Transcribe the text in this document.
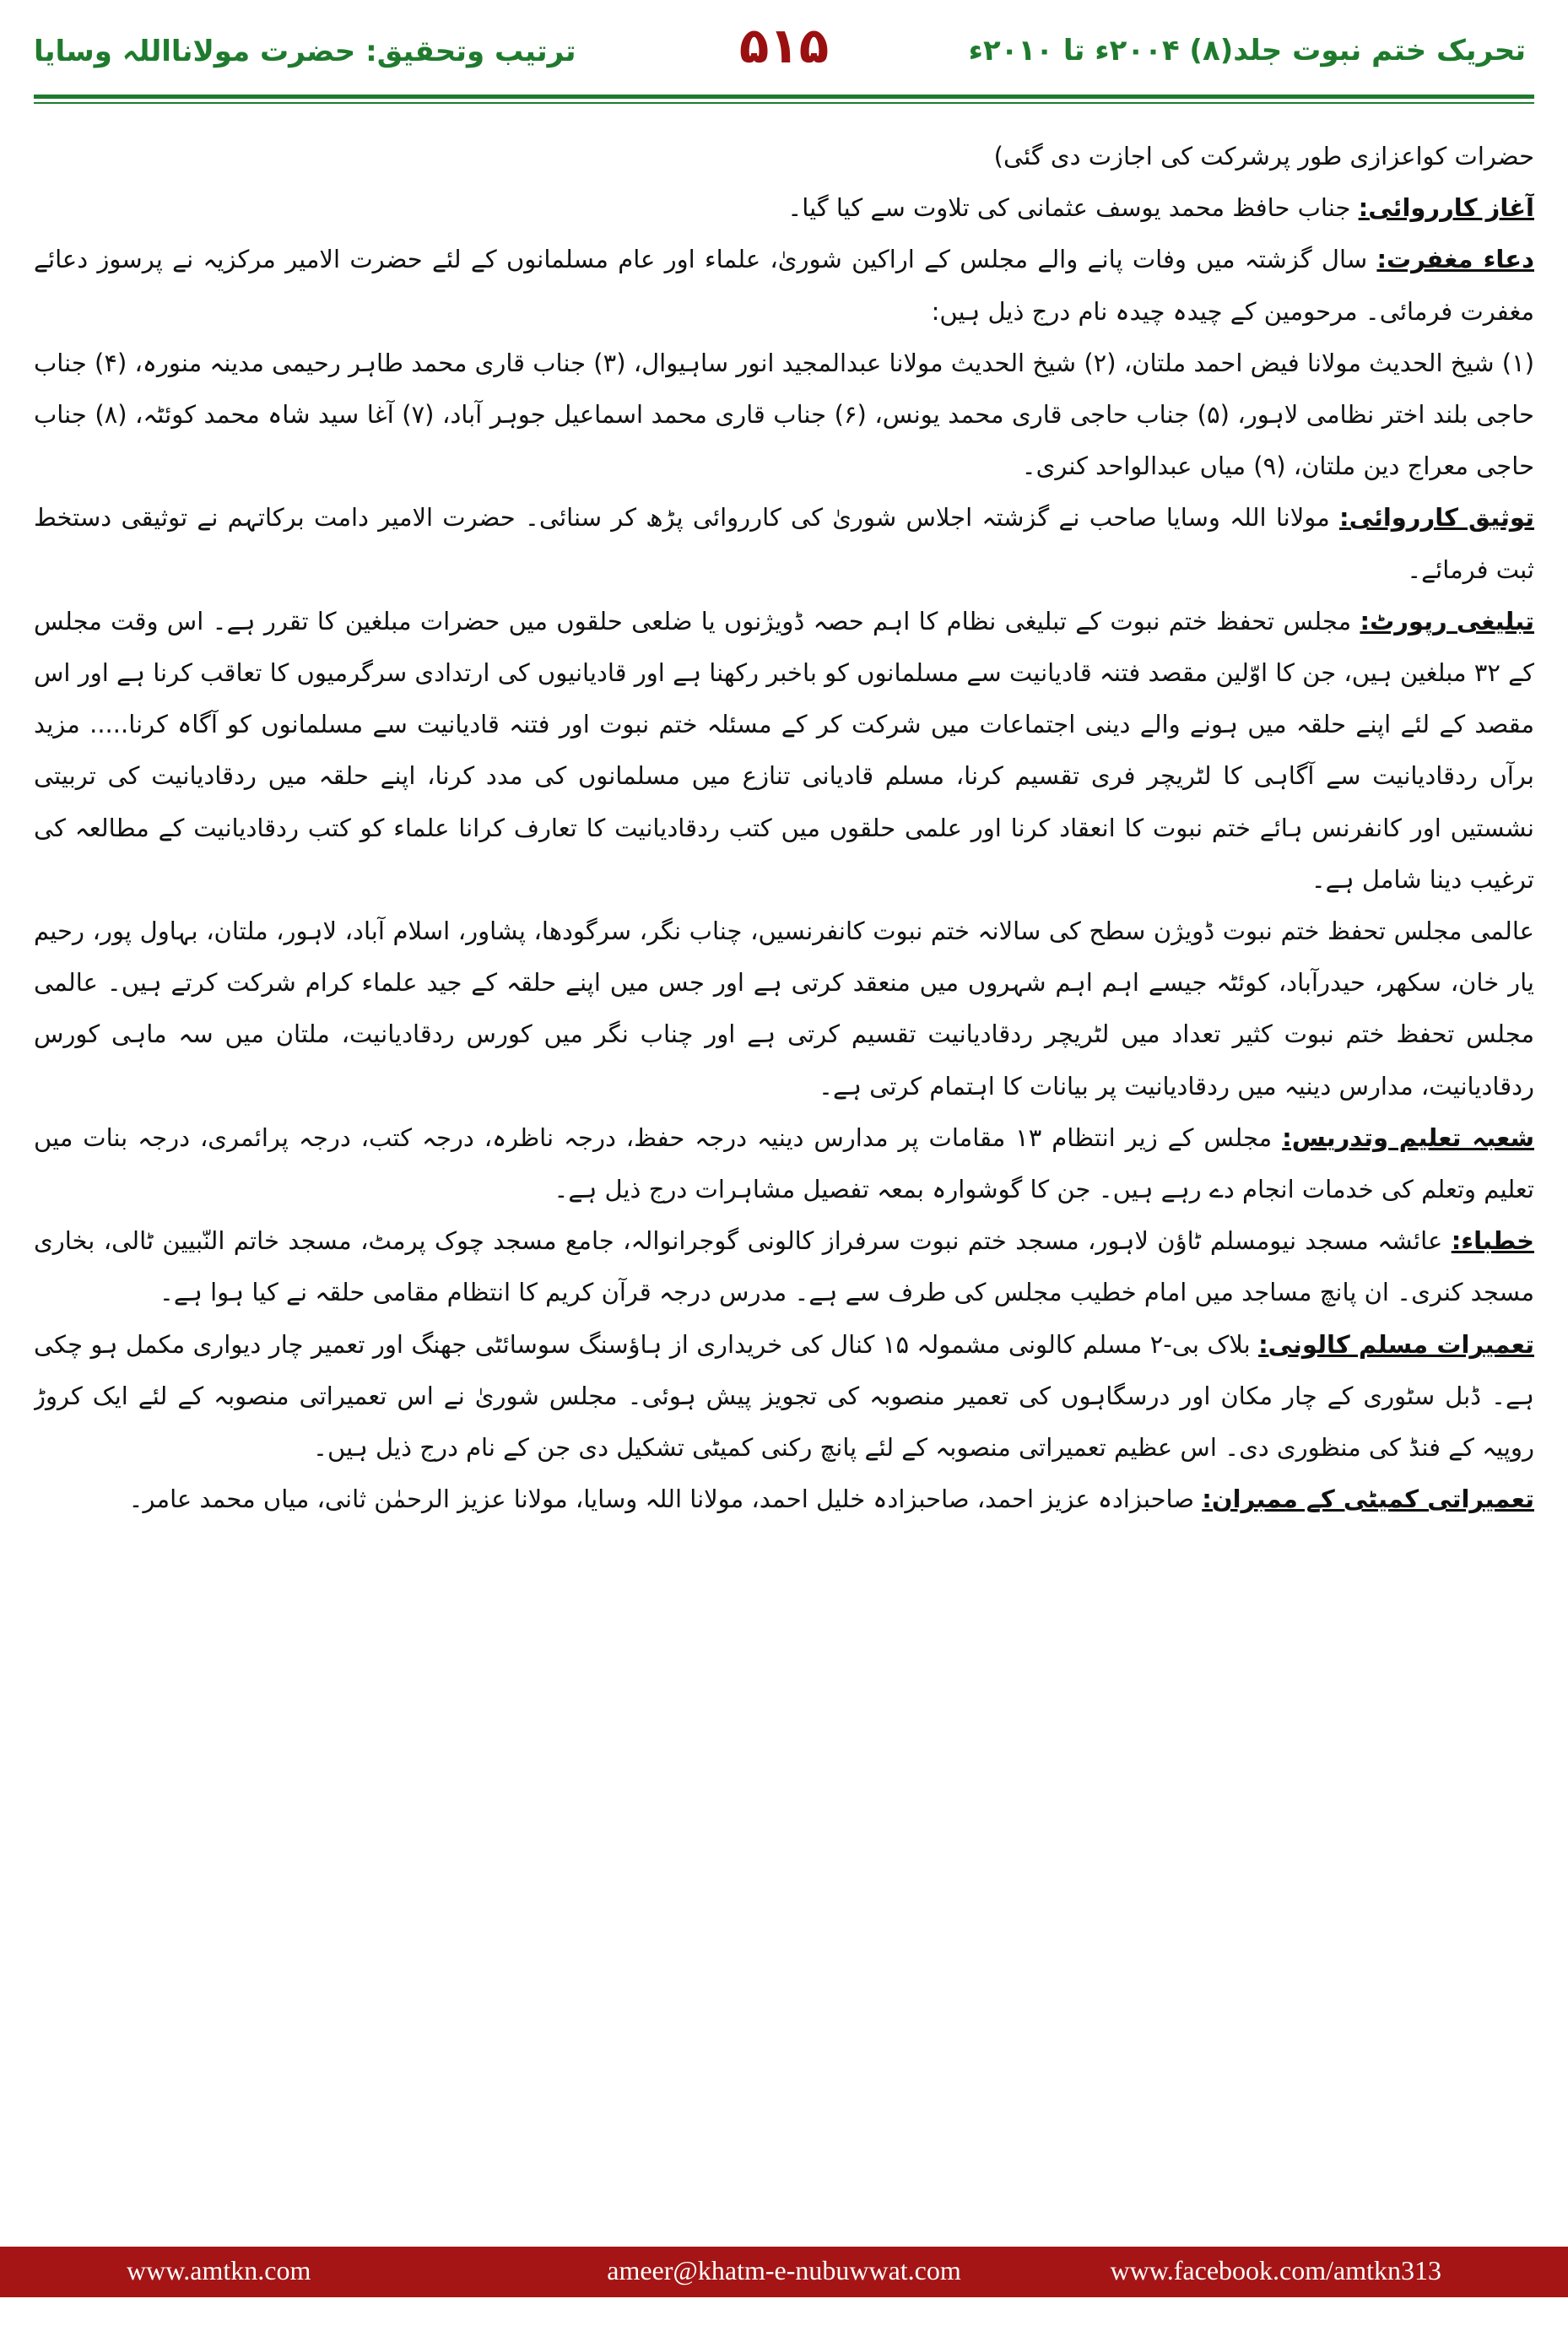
تحریک ختم نبوت جلد(۸) ۲۰۰۴ء تا ۲۰۱۰ء
۵۱۵
ترتیب وتحقیق: حضرت مولانااللہ وسایا

حضرات کواعزازی طور پرشرکت کی اجازت دی گئی)

آغاز کارروائی: جناب حافظ محمد یوسف عثمانی کی تلاوت سے کیا گیا۔

دعاء مغفرت: سال گزشتہ میں وفات پانے والے مجلس کے اراکین شوریٰ، علماء اور عام مسلمانوں کے لئے حضرت الامیر مرکزیہ نے پرسوز دعائے مغفرت فرمائی۔ مرحومین کے چیدہ چیدہ نام درج ذیل ہیں:

(۱) شیخ الحدیث مولانا فیض احمد ملتان، (۲) شیخ الحدیث مولانا عبدالمجید انور ساہیوال، (۳) جناب قاری محمد طاہر رحیمی مدینہ منورہ، (۴) جناب حاجی بلند اختر نظامی لاہور، (۵) جناب حاجی قاری محمد یونس، (۶) جناب قاری محمد اسماعیل جوہر آباد، (۷) آغا سید شاہ محمد کوئٹہ، (۸) جناب حاجی معراج دین ملتان، (۹) میاں عبدالواحد کنری۔

توثیق کارروائی: مولانا اللہ وسایا صاحب نے گزشتہ اجلاس شوریٰ کی کارروائی پڑھ کر سنائی۔ حضرت الامیر دامت برکاتہم نے توثیقی دستخط ثبت فرمائے۔

تبلیغی رپورٹ: مجلس تحفظ ختم نبوت کے تبلیغی نظام کا اہم حصہ ڈویژنوں یا ضلعی حلقوں میں حضرات مبلغین کا تقرر ہے۔ اس وقت مجلس کے ۳۲ مبلغین ہیں، جن کا اوّلین مقصد فتنہ قادیانیت سے مسلمانوں کو باخبر رکھنا ہے اور قادیانیوں کی ارتدادی سرگرمیوں کا تعاقب کرنا ہے اور اس مقصد کے لئے اپنے حلقہ میں ہونے والے دینی اجتماعات میں شرکت کر کے مسئلہ ختم نبوت اور فتنہ قادیانیت سے مسلمانوں کو آگاہ کرنا..... مزید برآں ردقادیانیت سے آگاہی کا لٹریچر فری تقسیم کرنا، مسلم قادیانی تنازع میں مسلمانوں کی مدد کرنا، اپنے حلقہ میں ردقادیانیت کی تربیتی نشستیں اور کانفرنس ہائے ختم نبوت کا انعقاد کرنا اور علمی حلقوں میں کتب ردقادیانیت کا تعارف کرانا علماء کو کتب ردقادیانیت کے مطالعہ کی ترغیب دینا شامل ہے۔

عالمی مجلس تحفظ ختم نبوت ڈویژن سطح کی سالانہ ختم نبوت کانفرنسیں، چناب نگر، سرگودھا، پشاور، اسلام آباد، لاہور، ملتان، بہاول پور، رحیم یار خان، سکھر، حیدرآباد، کوئٹہ جیسے اہم اہم شہروں میں منعقد کرتی ہے اور جس میں اپنے حلقہ کے جید علماء کرام شرکت کرتے ہیں۔ عالمی مجلس تحفظ ختم نبوت کثیر تعداد میں لٹریچر ردقادیانیت تقسیم کرتی ہے اور چناب نگر میں کورس ردقادیانیت، ملتان میں سہ ماہی کورس ردقادیانیت، مدارس دینیہ میں ردقادیانیت پر بیانات کا اہتمام کرتی ہے۔

شعبہ تعلیم وتدریس: مجلس کے زیر انتظام ۱۳ مقامات پر مدارس دینیہ درجہ حفظ، درجہ ناظرہ، درجہ کتب، درجہ پرائمری، درجہ بنات میں تعلیم وتعلم کی خدمات انجام دے رہے ہیں۔ جن کا گوشوارہ بمعہ تفصیل مشاہرات درج ذیل ہے۔

خطباء: عائشہ مسجد نیومسلم ٹاؤن لاہور، مسجد ختم نبوت سرفراز کالونی گوجرانوالہ، جامع مسجد چوک پرمٹ، مسجد خاتم النّبیین ٹالی، بخاری مسجد کنری۔ ان پانچ مساجد میں امام خطیب مجلس کی طرف سے ہے۔ مدرس درجہ قرآن کریم کا انتظام مقامی حلقہ نے کیا ہوا ہے۔

تعمیرات مسلم کالونی: بلاک بی-۲ مسلم کالونی مشمولہ ۱۵ کنال کی خریداری از ہاؤسنگ سوسائٹی جھنگ اور تعمیر چار دیواری مکمل ہو چکی ہے۔ ڈبل سٹوری کے چار مکان اور درسگاہوں کی تعمیر منصوبہ کی تجویز پیش ہوئی۔ مجلس شوریٰ نے اس تعمیراتی منصوبہ کے لئے ایک کروڑ روپیہ کے فنڈ کی منظوری دی۔ اس عظیم تعمیراتی منصوبہ کے لئے پانچ رکنی کمیٹی تشکیل دی جن کے نام درج ذیل ہیں۔

تعمیراتی کمیٹی کے ممبران: صاحبزادہ عزیز احمد، صاحبزادہ خلیل احمد، مولانا اللہ وسایا، مولانا عزیز الرحمٰن ثانی، میاں محمد عامر۔

www.amtkn.com	ameer@khatm-e-nubuwwat.com	www.facebook.com/amtkn313
